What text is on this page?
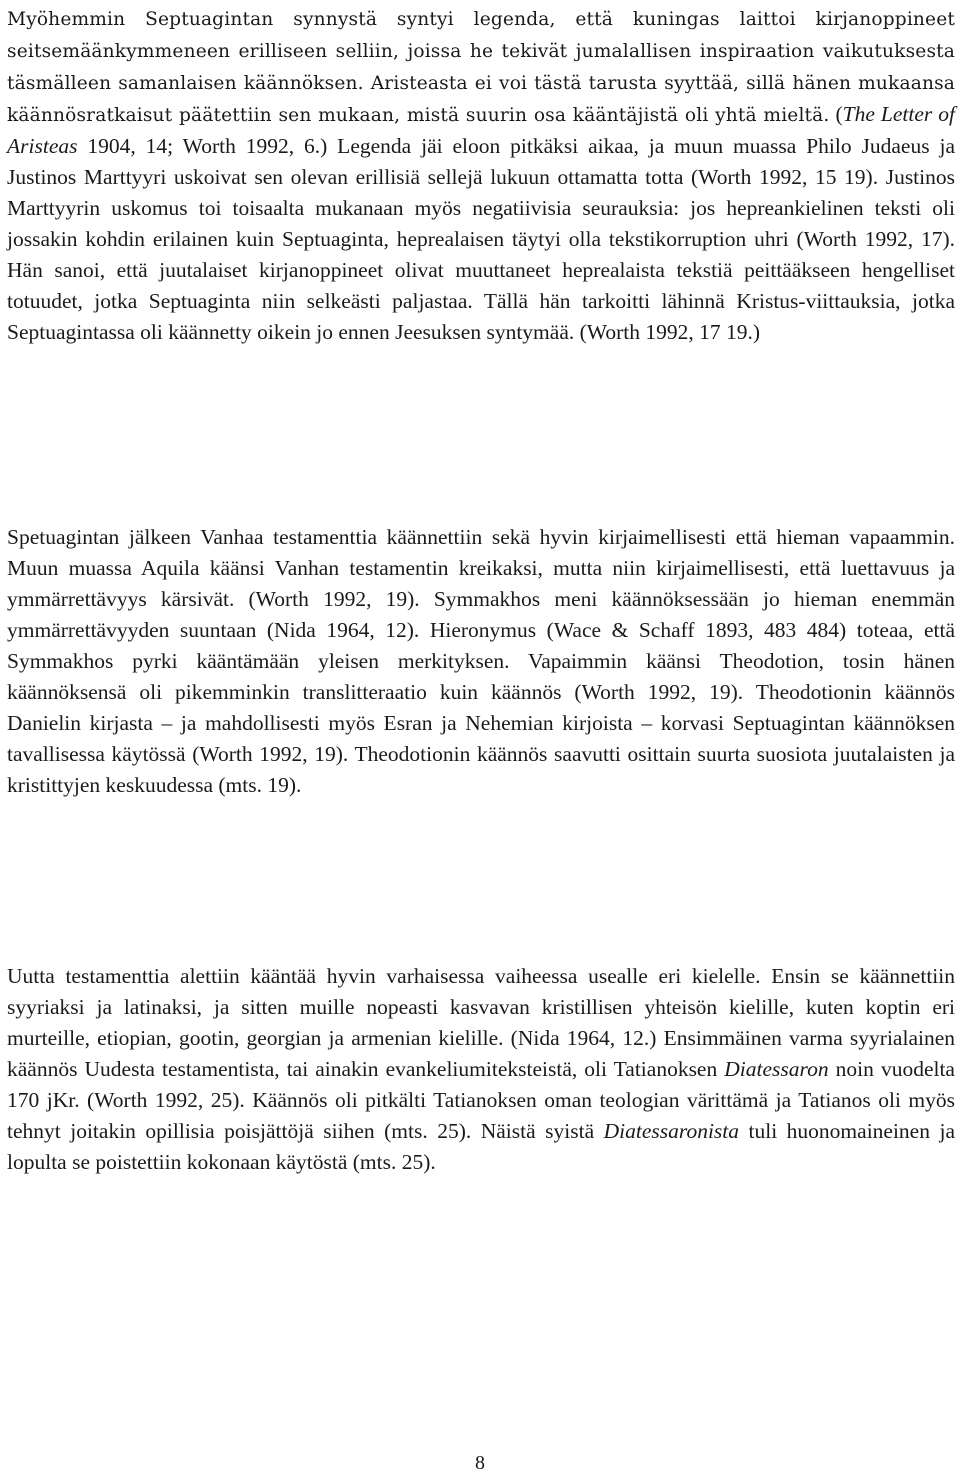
Myöhemmin Septuagintan synnystä syntyi legenda, että kuningas laittoi kirjanoppineet seitsemäänkymmeneen erilliseen selliin, joissa he tekivät jumalallisen inspiraation vaikutuksesta täsmälleen samanlaisen käännöksen. Aristeasta ei voi tästä tarusta syyttää, sillä hänen mukaansa käännösratkaisut päätettiin sen mukaan, mistä suurin osa kääntäjistä oli yhtä mieltä. (The Letter of Aristeas 1904, 14; Worth 1992, 6.) Legenda jäi eloon pitkäksi aikaa, ja muun muassa Philo Judaeus ja Justinos Marttyyri uskoivat sen olevan erillisiä sellejä lukuun ottamatta totta (Worth 1992, 15 19). Justinos Marttyyrin uskomus toi toisaalta mukanaan myös negatiivisia seurauksia: jos hepreankielinen teksti oli jossakin kohdin erilainen kuin Septuaginta, heprealaisen täytyi olla tekstikorruption uhri (Worth 1992, 17). Hän sanoi, että juutalaiset kirjanoppineet olivat muuttaneet heprealaista tekstiä peittääkseen hengelliset totuudet, jotka Septuaginta niin selkeästi paljastaa. Tällä hän tarkoitti lähinnä Kristus-viittauksia, jotka Septuagintassa oli käännetty oikein jo ennen Jeesuksen syntymää. (Worth 1992, 17 19.)

Spetuagintan jälkeen Vanhaa testamenttia käännettiin sekä hyvin kirjaimellisesti että hieman vapaammin. Muun muassa Aquila käänsi Vanhan testamentin kreikaksi, mutta niin kirjaimellisesti, että luettavuus ja ymmärrettävyys kärsivät. (Worth 1992, 19). Symmakhos meni käännöksessään jo hieman enemmän ymmärrettävyyden suuntaan (Nida 1964, 12). Hieronymus (Wace & Schaff 1893, 483 484) toteaa, että Symmakhos pyrki kääntämään yleisen merkityksen. Vapaimmin käänsi Theodotion, tosin hänen käännöksensä oli pikemminkin translitteraatio kuin käännös (Worth 1992, 19). Theodotionin käännös Danielin kirjasta – ja mahdollisesti myös Esran ja Nehemian kirjoista – korvasi Septuagintan käännöksen tavallisessa käytössä (Worth 1992, 19). Theodotionin käännös saavutti osittain suurta suosiota juutalaisten ja kristittyjen keskuudessa (mts. 19).

Uutta testamenttia alettiin kääntää hyvin varhaisessa vaiheessa usealle eri kielelle. Ensin se käännettiin syyriaksi ja latinaksi, ja sitten muille nopeasti kasvavan kristillisen yhteisön kielille, kuten koptin eri murteille, etiopian, gootin, georgian ja armenian kielille. (Nida 1964, 12.) Ensimmäinen varma syyrialainen käännös Uudesta testamentista, tai ainakin evankeliumiteksteistä, oli Tatianoksen Diatessaron noin vuodelta 170 jKr. (Worth 1992, 25). Käännös oli pitkälti Tatianoksen oman teologian värittämä ja Tatianos oli myös tehnyt joitakin opillisia poisjättöjä siihen (mts. 25). Näistä syistä Diatessaronista tuli huonomaineinen ja lopulta se poistettiin kokonaan käytöstä (mts. 25).

8
